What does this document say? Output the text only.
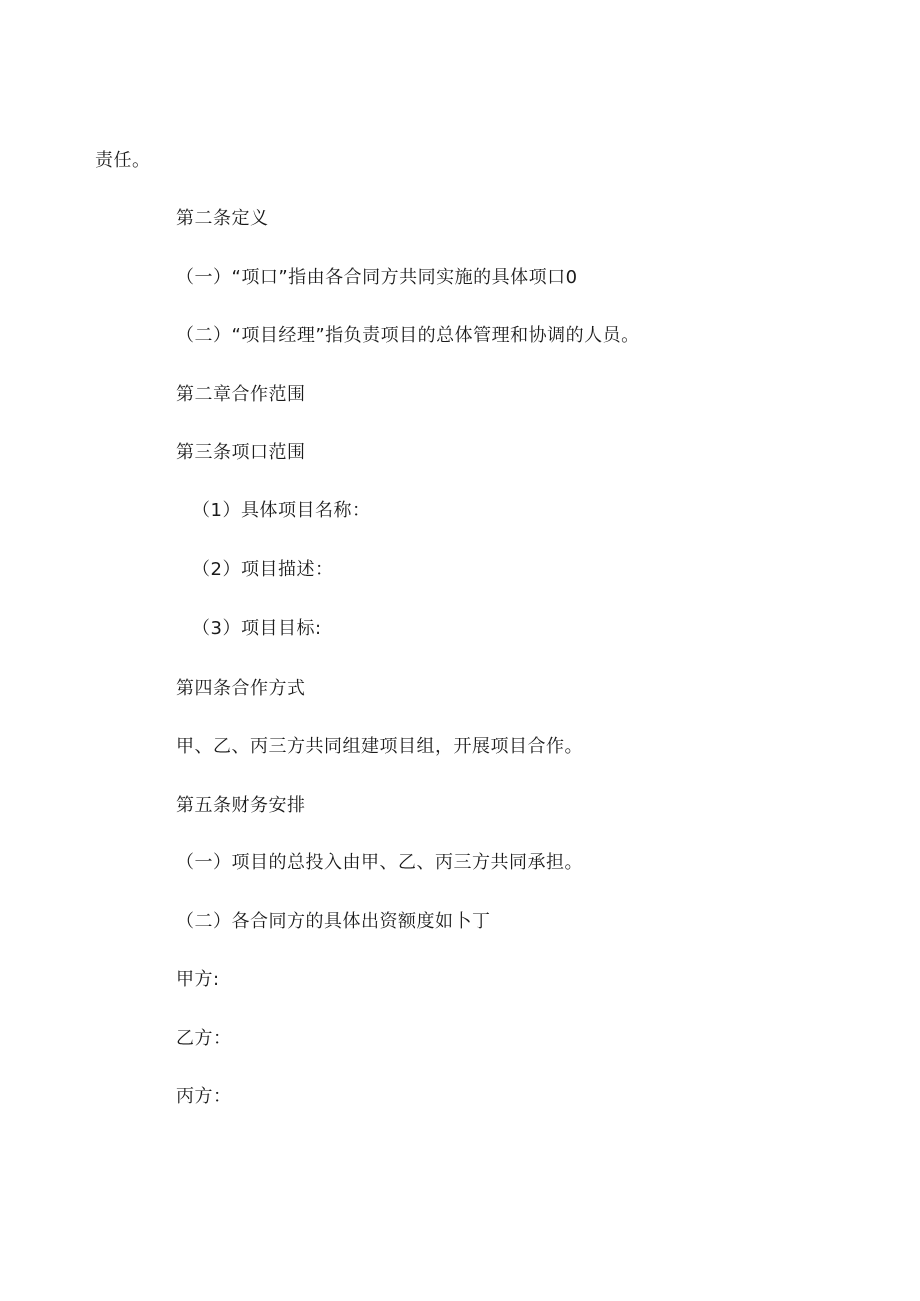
责任。
第二条定义
（一）“项口”指由各合同方共同实施的具体项口0
（二）“项目经理”指负责项目的总体管理和协调的人员。
第二章合作范围
第三条项口范围
（1）具体项目名称：
（2）项目描述：
（3）项目目标:
第四条合作方式
甲、乙、丙三方共同组建项目组，开展项目合作。
第五条财务安排
（一）项目的总投入由甲、乙、丙三方共同承担。
（二）各合同方的具体出资额度如卜丁
甲方:
乙方：
丙方：
